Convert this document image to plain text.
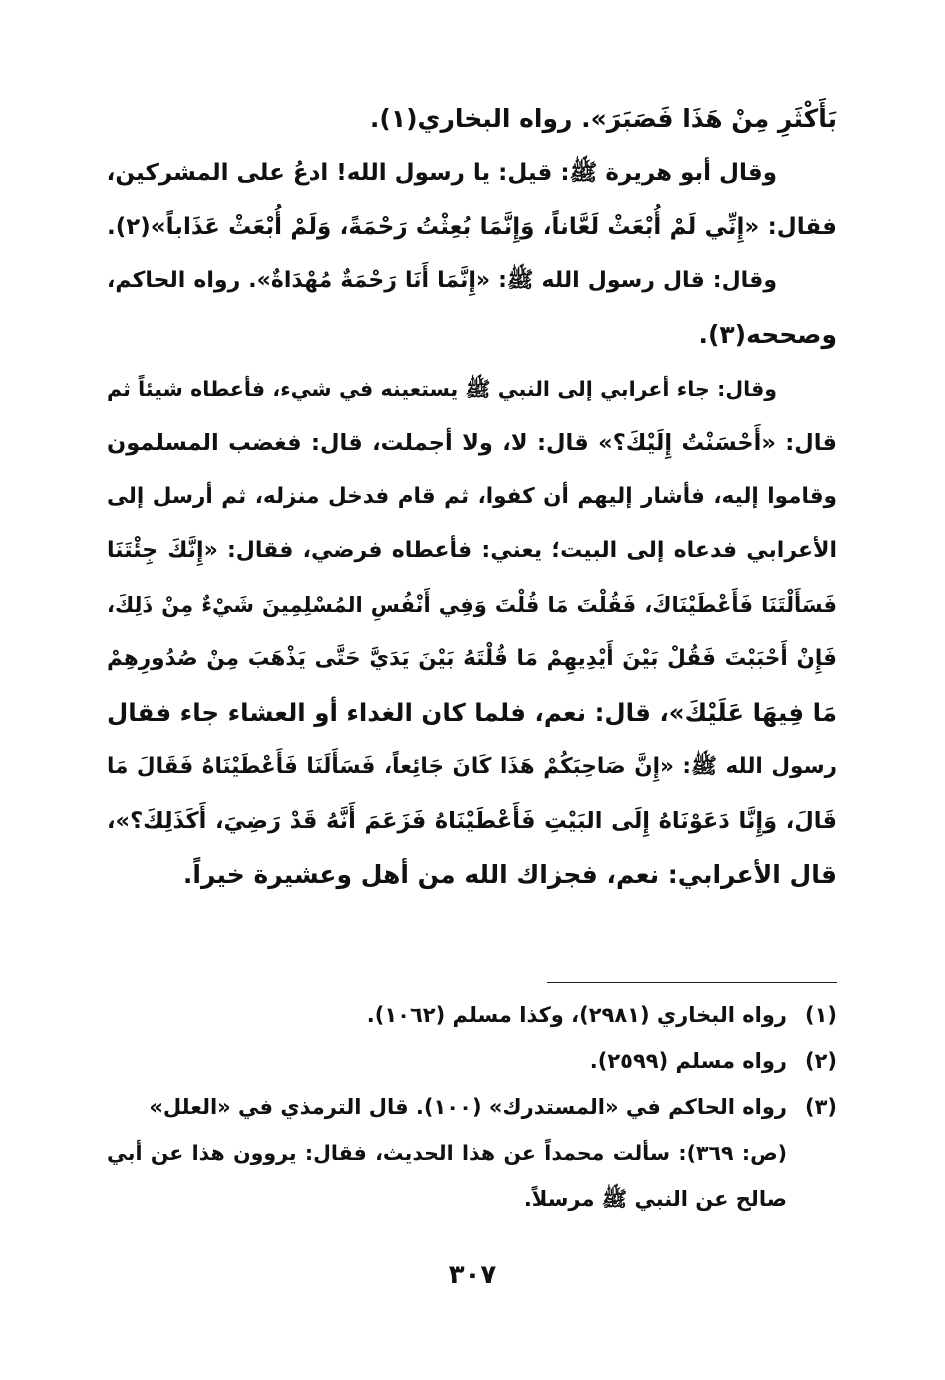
بَأَكْثَرِ مِنْ هَذَا فَصَبَرَ». رواه البخاري(١).
وقال أبو هريرة ﷺ: قيل: يا رسول الله! ادعُ على المشركين،
فقال: «إِنِّي لَمْ أُبْعَثْ لَعَّاناً، وَإِنَّمَا بُعِثْتُ رَحْمَةً، وَلَمْ أُبْعَثْ عَذَاباً»(٢).
وقال: قال رسول الله ﷺ: «إِنَّمَا أَنَا رَحْمَةٌ مُهْدَاةٌ». رواه الحاكم،
وصححه(٣).
وقال: جاء أعرابي إلى النبي ﷺ يستعينه في شيء، فأعطاه شيئاً ثم
قال: «أَحْسَنْتُ إِلَيْكَ؟» قال: لا، ولا أجملت، قال: فغضب المسلمون
وقاموا إليه، فأشار إليهم أن كفوا، ثم قام فدخل منزله، ثم أرسل إلى
الأعرابي فدعاه إلى البيت؛ يعني: فأعطاه فرضي، فقال: «إِنَّكَ جِئْتَنَا
فَسَأَلْتَنَا فَأَعْطَيْنَاكَ، فَقُلْتَ مَا قُلْتَ وَفِي أَنْفُسِ المُسْلِمِينَ شَيْءٌ مِنْ ذَلِكَ،
فَإِنْ أَحْبَبْتَ فَقُلْ بَيْنَ أَيْدِيهِمْ مَا قُلْتَهُ بَيْنَ يَدَيَّ حَتَّى يَذْهَبَ مِنْ صُدُورِهِمْ
مَا فِيهَا عَلَيْكَ»، قال: نعم، فلما كان الغداء أو العشاء جاء فقال
رسول الله ﷺ: «إِنَّ صَاحِبَكُمْ هَذَا كَانَ جَائِعاً، فَسَأَلَنَا فَأَعْطَيْنَاهُ فَقَالَ مَا
قَالَ، وَإِنَّا دَعَوْنَاهُ إِلَى البَيْتِ فَأَعْطَيْنَاهُ فَزَعَمَ أَنَّهُ قَدْ رَضِيَ، أَكَذَلِكَ؟»،
قال الأعرابي: نعم، فجزاك الله من أهل وعشيرة خيراً.
(١)رواه البخاري (٢٩٨١)، وكذا مسلم (١٠٦٢).
(٢)رواه مسلم (٢٥٩٩).
(٣)رواه الحاكم في «المستدرك» (١٠٠). قال الترمذي في «العلل»
(ص: ٣٦٩): سألت محمداً عن هذا الحديث، فقال: يروون هذا عن أبي
صالح عن النبي ﷺ مرسلاً.
٣٠٧
